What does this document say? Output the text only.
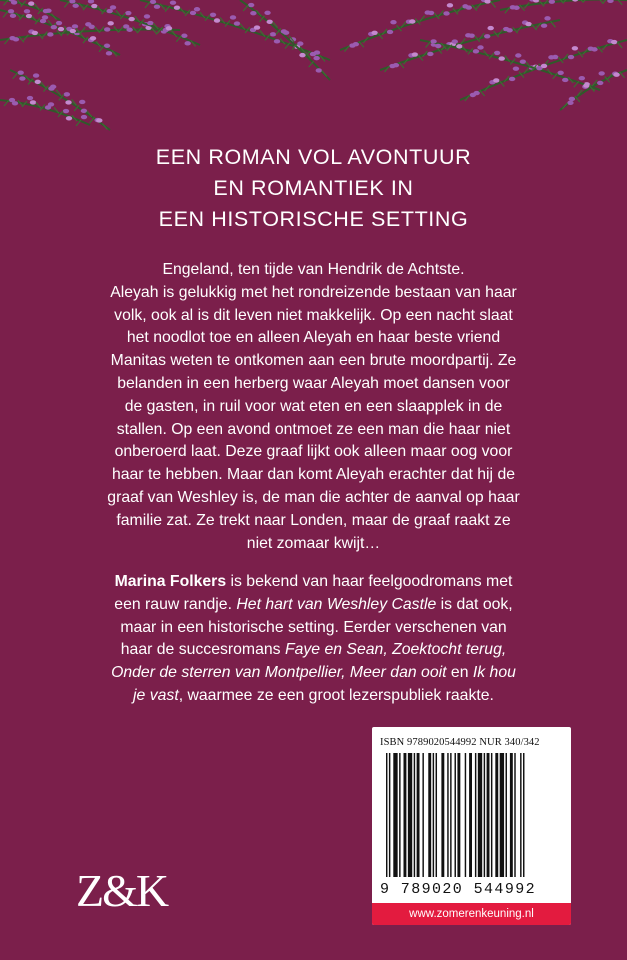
EEN ROMAN VOL AVONTUUR
EN ROMANTIEK IN
EEN HISTORISCHE SETTING
Engeland, ten tijde van Hendrik de Achtste.
Aleyah is gelukkig met het rondreizende bestaan van haar
volk, ook al is dit leven niet makkelijk. Op een nacht slaat
het noodlot toe en alleen Aleyah en haar beste vriend
Manitas weten te ontkomen aan een brute moordpartij. Ze
belanden in een herberg waar Aleyah moet dansen voor
de gasten, in ruil voor wat eten en een slaapplek in de
stallen. Op een avond ontmoet ze een man die haar niet
onberoerd laat. Deze graaf lijkt ook alleen maar oog voor
haar te hebben. Maar dan komt Aleyah erachter dat hij de
graaf van Weshley is, de man die achter de aanval op haar
familie zat. Ze trekt naar Londen, maar de graaf raakt ze
niet zomaar kwijt…
Marina Folkers is bekend van haar feelgoodromans met
een rauw randje. Het hart van Weshley Castle is dat ook,
maar in een historische setting. Eerder verschenen van
haar de succesromans Faye en Sean, Zoektocht terug,
Onder de sterren van Montpellier, Meer dan ooit en Ik hou
je vast, waarmee ze een groot lezerspubliek raakte.
Z&K
ISBN 9789020544992 NUR 340/342
9 789020 544992
www.zomerenkeuning.nl
